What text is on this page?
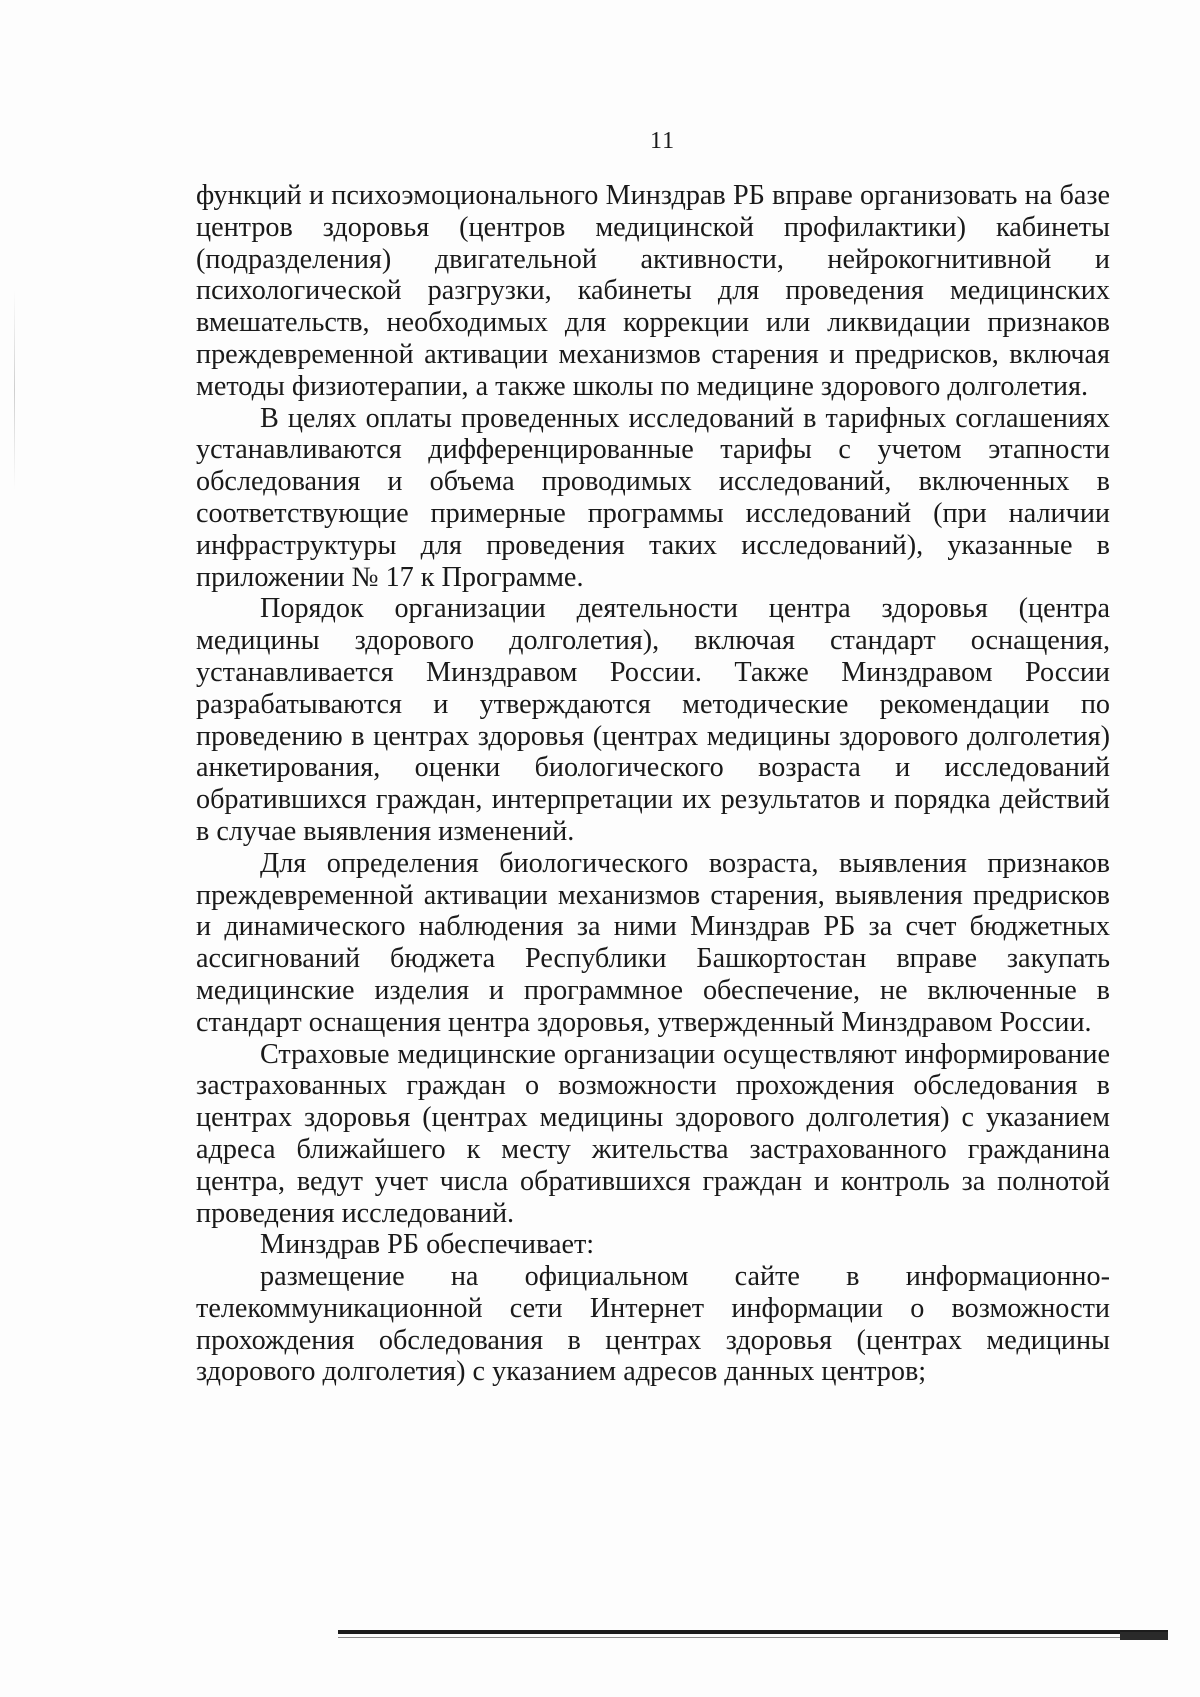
11

функций и психоэмоционального Минздрав РБ вправе организовать на базе центров здоровья (центров медицинской профилактики) кабинеты (подразделения) двигательной активности, нейрокогнитивной и психологической разгрузки, кабинеты для проведения медицинских вмешательств, необходимых для коррекции или ликвидации признаков преждевременной активации механизмов старения и предрисков, включая методы физиотерапии, а также школы по медицине здорового долголетия.

В целях оплаты проведенных исследований в тарифных соглашениях устанавливаются дифференцированные тарифы с учетом этапности обследования и объема проводимых исследований, включенных в соответствующие примерные программы исследований (при наличии инфраструктуры для проведения таких исследований), указанные в приложении № 17 к Программе.

Порядок организации деятельности центра здоровья (центра медицины здорового долголетия), включая стандарт оснащения, устанавливается Минздравом России. Также Минздравом России разрабатываются и утверждаются методические рекомендации по проведению в центрах здоровья (центрах медицины здорового долголетия) анкетирования, оценки биологического возраста и исследований обратившихся граждан, интерпретации их результатов и порядка действий в случае выявления изменений.

Для определения биологического возраста, выявления признаков преждевременной активации механизмов старения, выявления предрисков и динамического наблюдения за ними Минздрав РБ за счет бюджетных ассигнований бюджета Республики Башкортостан вправе закупать медицинские изделия и программное обеспечение, не включенные в стандарт оснащения центра здоровья, утвержденный Минздравом России.

Страховые медицинские организации осуществляют информирование застрахованных граждан о возможности прохождения обследования в центрах здоровья (центрах медицины здорового долголетия) с указанием адреса ближайшего к месту жительства застрахованного гражданина центра, ведут учет числа обратившихся граждан и контроль за полнотой проведения исследований.

Минздрав РБ обеспечивает:

размещение на официальном сайте в информационно-телекоммуникационной сети Интернет информации о возможности прохождения обследования в центрах здоровья (центрах медицины здорового долголетия) с указанием адресов данных центров;
